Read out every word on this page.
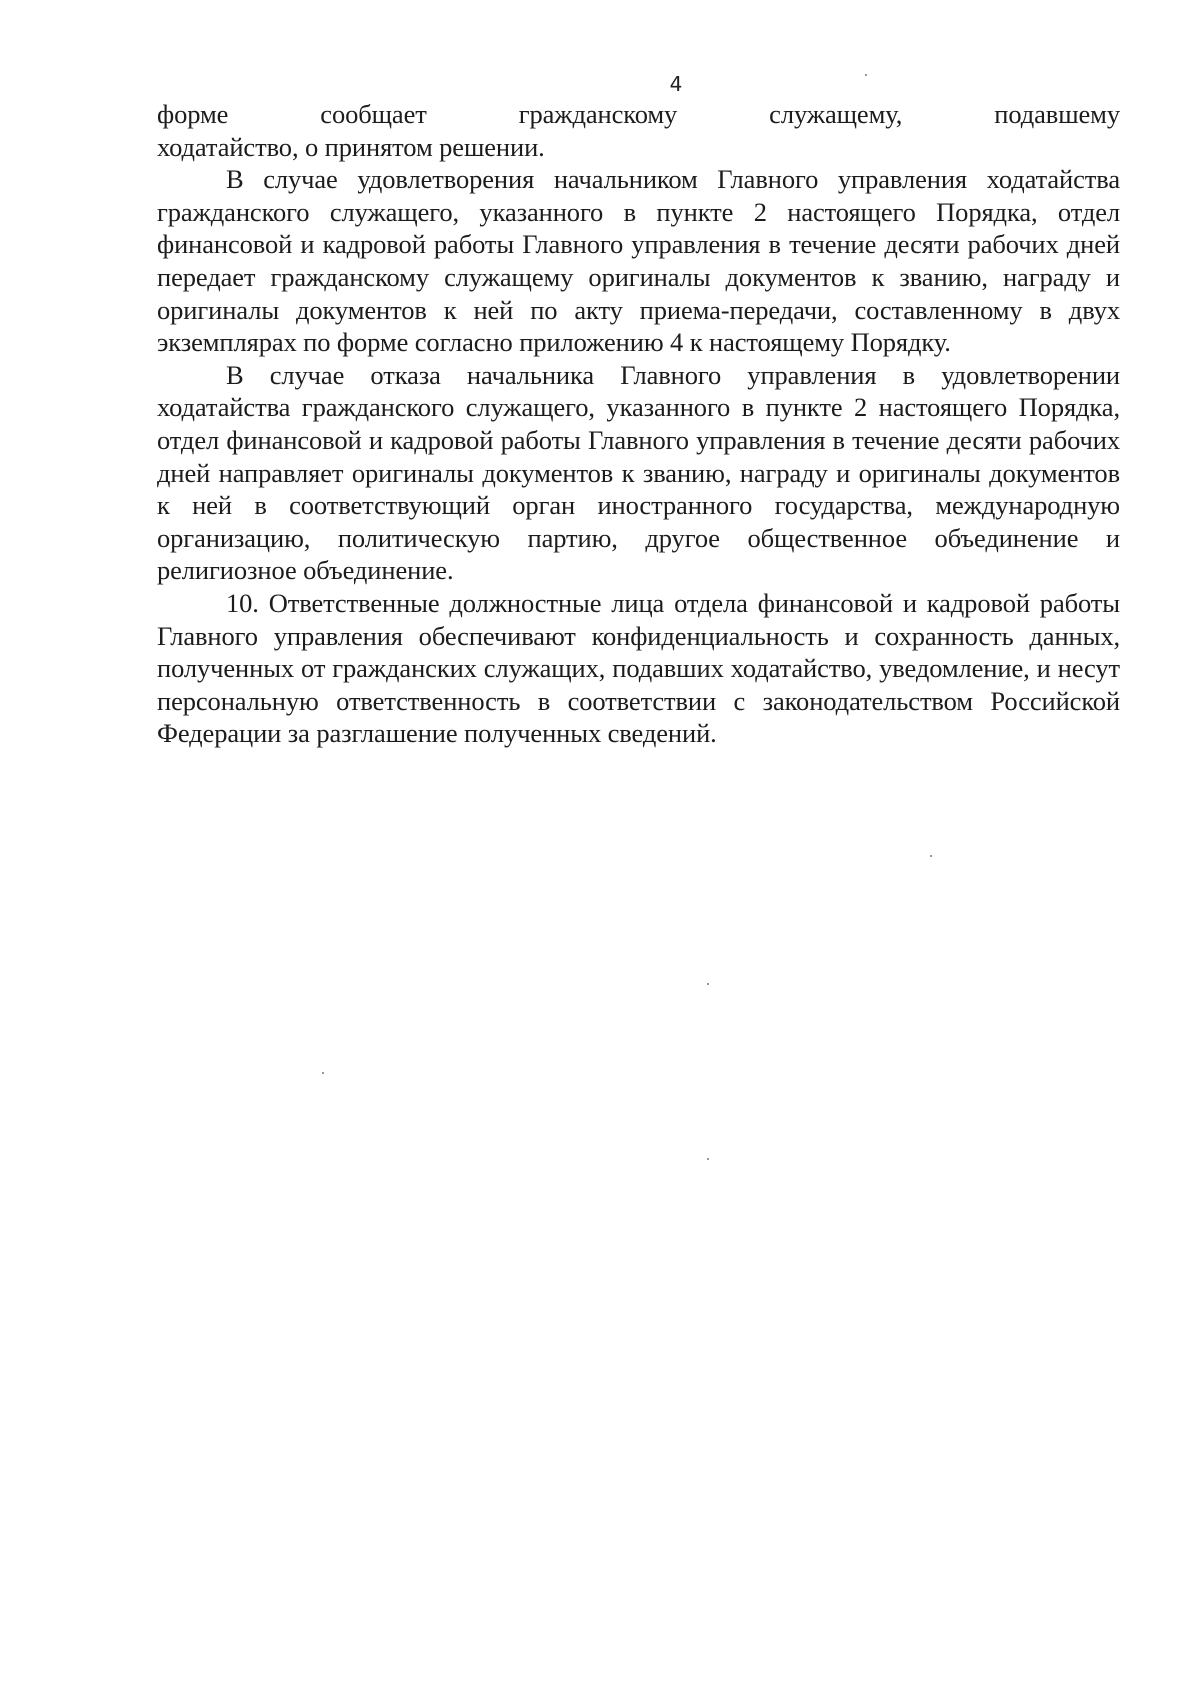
4
форме	сообщает	гражданскому	служащему,	подавшему

ходатайство, о принятом решении.

В случае удовлетворения начальником Главного управления ходатайства гражданского служащего, указанного в пункте 2 настоящего Порядка, отдел финансовой и кадровой работы Главного управления в течение десяти рабочих дней передает гражданскому служащему оригиналы документов к званию, награду и оригиналы документов к ней по акту приема-передачи, составленному в двух экземплярах по форме согласно приложению 4 к настоящему Порядку.

В случае отказа начальника Главного управления в удовлетворении ходатайства гражданского служащего, указанного в пункте 2 настоящего Порядка, отдел финансовой и кадровой работы Главного управления в течение десяти рабочих дней направляет оригиналы документов к званию, награду и оригиналы документов к ней в соответствующий орган иностранного государства, международную организацию, политическую партию, другое общественное объединение и религиозное объединение.

10. Ответственные должностные лица отдела финансовой и кадровой работы Главного управления обеспечивают конфиденциальность и сохранность данных, полученных от гражданских служащих, подавших ходатайство, уведомление, и несут персональную ответственность в соответствии с законодательством Российской Федерации за разглашение полученных сведений.
